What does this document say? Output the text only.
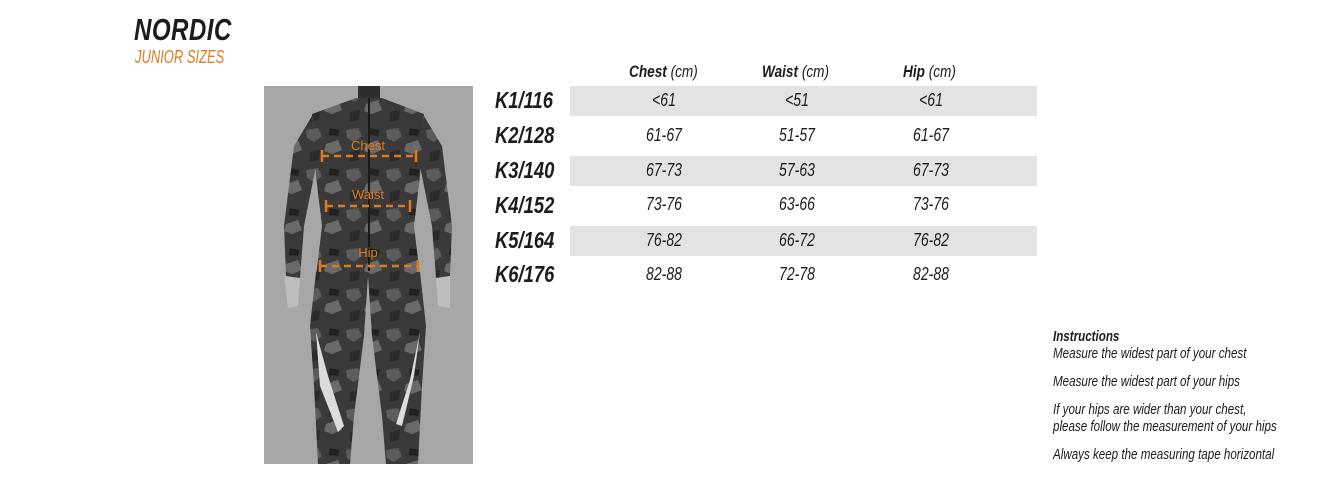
NORDIC
JUNIOR SIZES
Chest
Waist
Hip
Chest (cm)	Waist (cm)	Hip (cm)
K1/116	<61	<51	<61
K2/128	61-67	51-57	61-67
K3/140	67-73	57-63	67-73
K4/152	73-76	63-66	73-76
K5/164	76-82	66-72	76-82
K6/176	82-88	72-78	82-88
Instructions
Measure the widest part of your chest
Measure the widest part of your hips
If your hips are wider than your chest,
please follow the measurement of your hips
Always keep the measuring tape horizontal
